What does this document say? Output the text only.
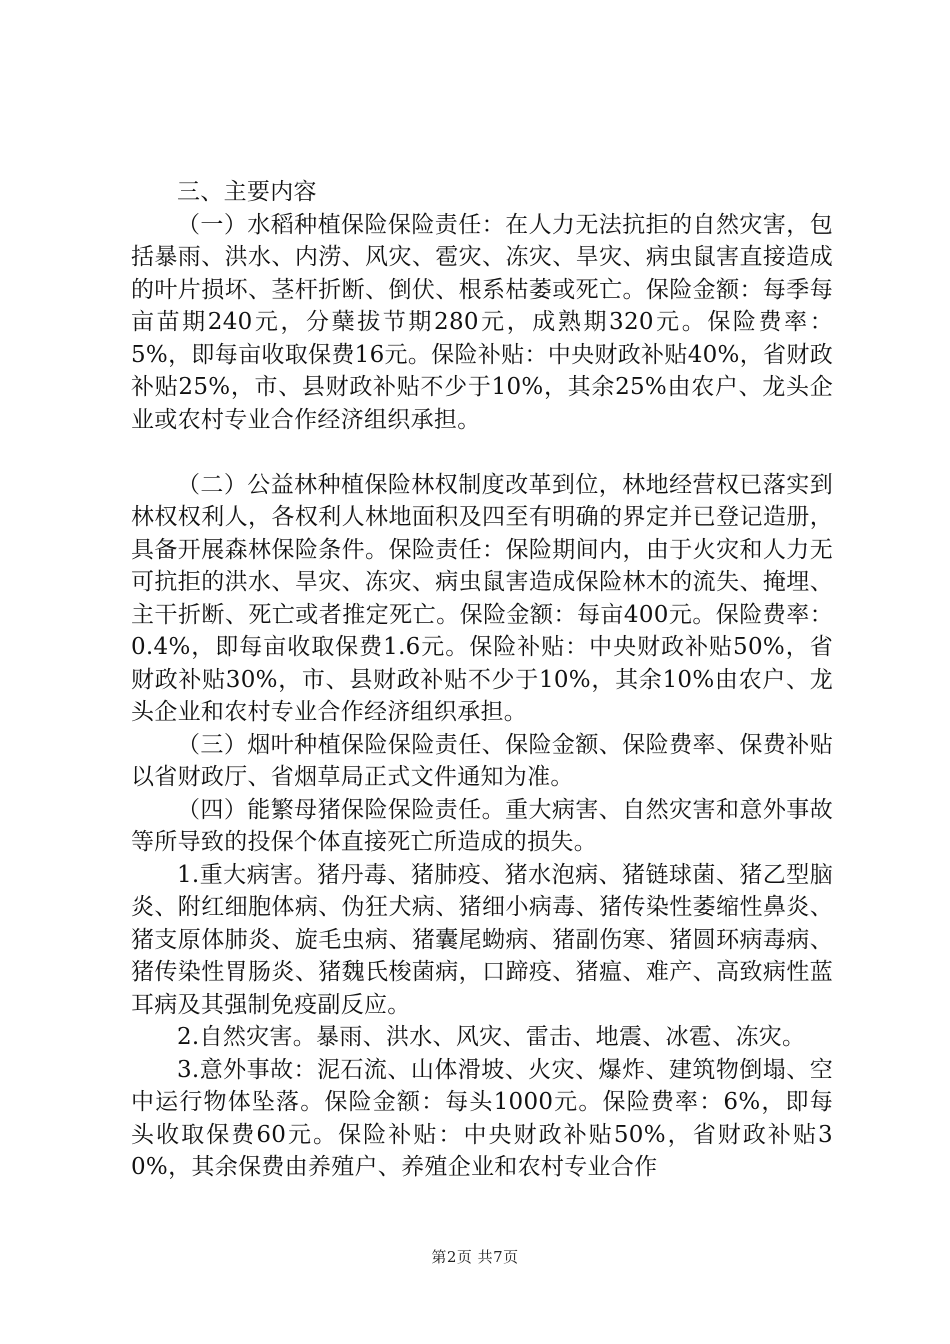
三、主要内容

（一）水稻种植保险保险责任：在人力无法抗拒的自然灾害，包括暴雨、洪水、内涝、风灾、雹灾、冻灾、旱灾、病虫鼠害直接造成的叶片损坏、茎杆折断、倒伏、根系枯萎或死亡。保险金额：每季每亩苗期240元，分蘖拔节期280元，成熟期320元。保险费率：5%，即每亩收取保费16元。保险补贴：中央财政补贴40%，省财政补贴25%，市、县财政补贴不少于10%，其余25%由农户、龙头企业或农村专业合作经济组织承担。

（二）公益林种植保险林权制度改革到位，林地经营权已落实到林权权利人，各权利人林地面积及四至有明确的界定并已登记造册，具备开展森林保险条件。保险责任：保险期间内，由于火灾和人力无可抗拒的洪水、旱灾、冻灾、病虫鼠害造成保险林木的流失、掩埋、主干折断、死亡或者推定死亡。保险金额：每亩400元。保险费率：0.4%，即每亩收取保费1.6元。保险补贴：中央财政补贴50%，省财政补贴30%，市、县财政补贴不少于10%，其余10%由农户、龙头企业和农村专业合作经济组织承担。

（三）烟叶种植保险保险责任、保险金额、保险费率、保费补贴以省财政厅、省烟草局正式文件通知为准。

（四）能繁母猪保险保险责任。重大病害、自然灾害和意外事故等所导致的投保个体直接死亡所造成的损失。

1.重大病害。猪丹毒、猪肺疫、猪水泡病、猪链球菌、猪乙型脑炎、附红细胞体病、伪狂犬病、猪细小病毒、猪传染性萎缩性鼻炎、猪支原体肺炎、旋毛虫病、猪囊尾蚴病、猪副伤寒、猪圆环病毒病、猪传染性胃肠炎、猪魏氏梭菌病，口蹄疫、猪瘟、难产、高致病性蓝耳病及其强制免疫副反应。

2.自然灾害。暴雨、洪水、风灾、雷击、地震、冰雹、冻灾。

3.意外事故：泥石流、山体滑坡、火灾、爆炸、建筑物倒塌、空中运行物体坠落。保险金额：每头1000元。保险费率：6%，即每头收取保费60元。保险补贴：中央财政补贴50%，省财政补贴30%，其余保费由养殖户、养殖企业和农村专业合作

第2页 共7页
